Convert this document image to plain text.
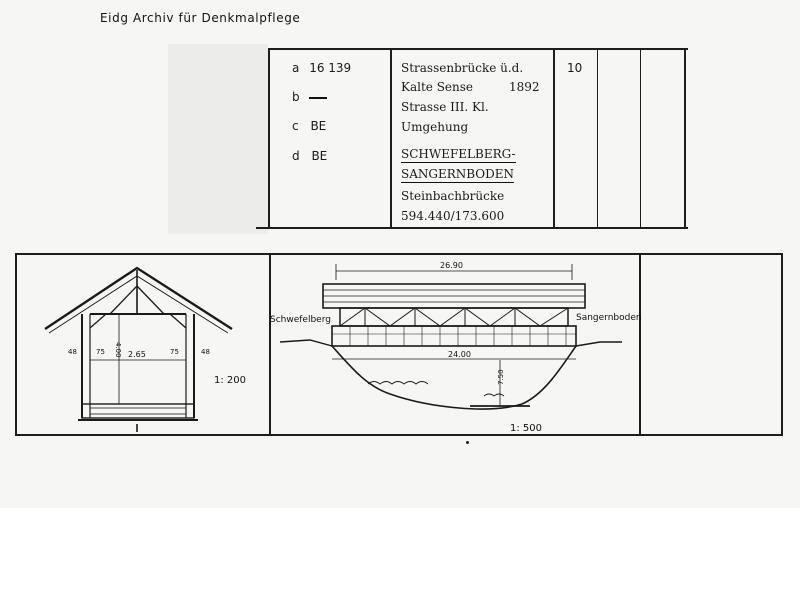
Eidg Archiv für Denkmalpflege
a 16 139
b
c BE
d BE
Strassenbrücke ü.d.
Kalte Sense	1892
Strasse III. Kl.
Umgehung
SCHWEFELBERG-
SANGERNBODEN
Steinbachbrücke
594.440/173.600
10
4.00
48	75	2.65	75	48
1: 200
26.90
Schwefelberg	Sangernboden
24.00
7.50
1: 500
